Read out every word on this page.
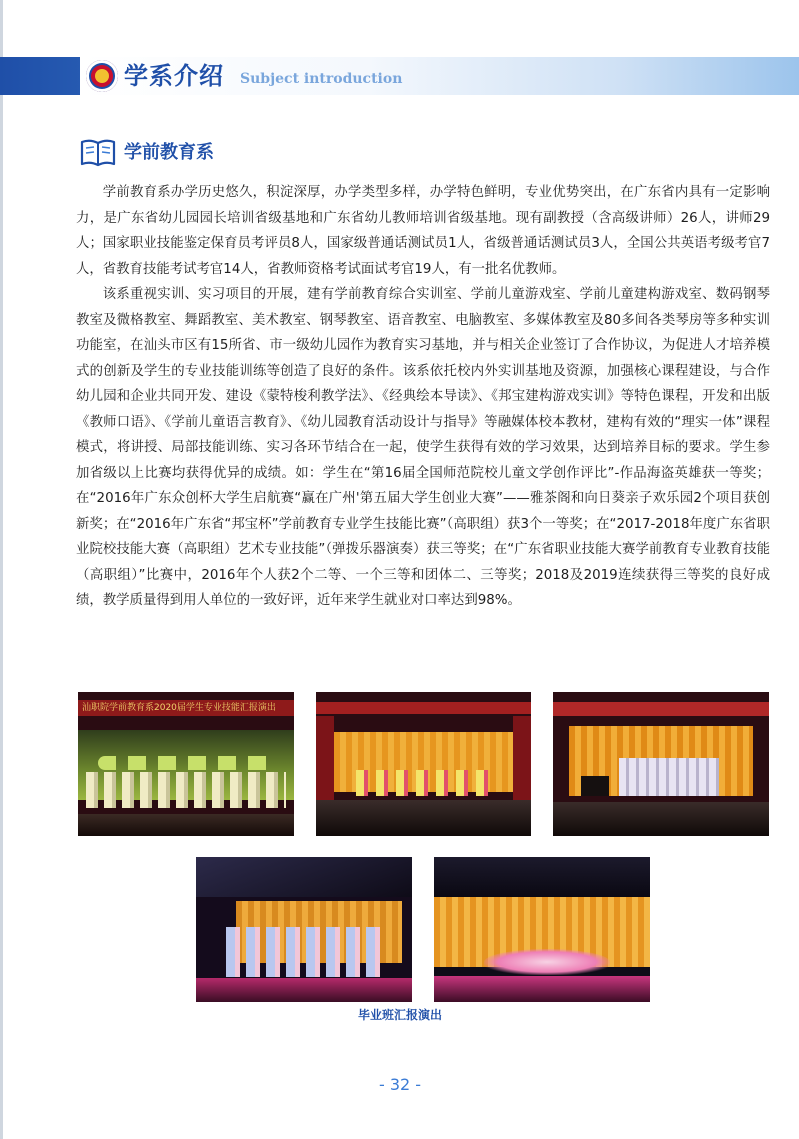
学系介绍 Subject introduction
学前教育系

学前教育系办学历史悠久，积淀深厚，办学类型多样，办学特色鲜明，专业优势突出，在广东省内具有一定影响力，是广东省幼儿园园长培训省级基地和广东省幼儿教师培训省级基地。现有副教授（含高级讲师）26人，讲师29人；国家职业技能鉴定保育员考评员8人，国家级普通话测试员1人，省级普通话测试员3人，全国公共英语考级考官7人，省教育技能考试考官14人，省教师资格考试面试考官19人，有一批名优教师。

该系重视实训、实习项目的开展，建有学前教育综合实训室、学前儿童游戏室、学前儿童建构游戏室、数码钢琴教室及微格教室、舞蹈教室、美术教室、钢琴教室、语音教室、电脑教室、多媒体教室及80多间各类琴房等多种实训功能室，在汕头市区有15所省、市一级幼儿园作为教育实习基地，并与相关企业签订了合作协议，为促进人才培养模式的创新及学生的专业技能训练等创造了良好的条件。该系依托校内外实训基地及资源，加强核心课程建设，与合作幼儿园和企业共同开发、建设《蒙特梭利教学法》、《经典绘本导读》、《邦宝建构游戏实训》等特色课程，开发和出版《教师口语》、《学前儿童语言教育》、《幼儿园教育活动设计与指导》等融媒体校本教材，建构有效的“理实一体”课程模式，将讲授、局部技能训练、实习各环节结合在一起，使学生获得有效的学习效果，达到培养目标的要求。学生参加省级以上比赛均获得优异的成绩。如：学生在“第16届全国师范院校儿童文学创作评比”-作品海盗英雄获一等奖；在“2016年广东众创杯大学生启航赛“赢在广州'第五届大学生创业大赛”——雅茶阁和向日葵亲子欢乐园2个项目获创新奖；在“2016年广东省“邦宝杯”学前教育专业学生技能比赛”（高职组）获3个一等奖；在“2017-2018年度广东省职业院校技能大赛（高职组）艺术专业技能”（弹拨乐器演奏）获三等奖；在“广东省职业技能大赛学前教育专业教育技能（高职组）”比赛中，2016年个人获2个二等、一个三等和团体二、三等奖；2018及2019连续获得三等奖的良好成绩，教学质量得到用人单位的一致好评，近年来学生就业对口率达到98%。

汕职院学前教育系2020届学生专业技能汇报演出
毕业班汇报演出
- 32 -
